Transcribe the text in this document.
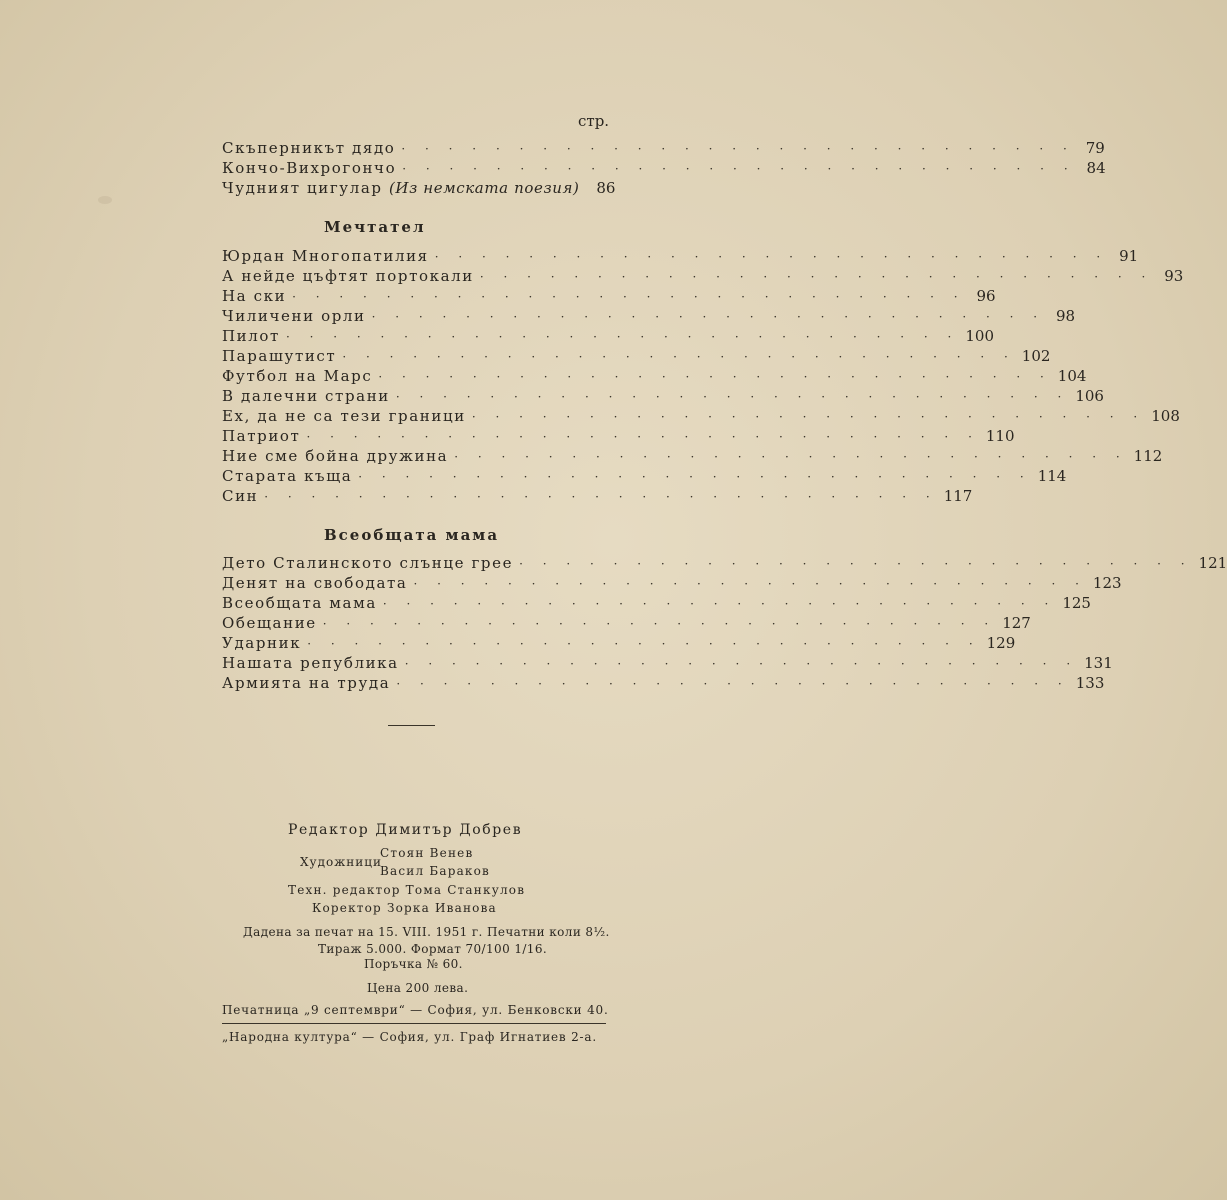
стр.
Скъперникът дядо · · · · · · · · · · · · · · · · · · · · · · · · · · · · · 79
Кончо-Вихрогончо · · · · · · · · · · · · · · · · · · · · · · · · · · · · · 84
Чудният цигулар (Из немската поезия)	86
Мечтател
Юрдан Многопатилия · · · · · · · · · · · · · · · · · · · · · · · · · · · · · 91
А нейде цъфтят портокали · · · · · · · · · · · · · · · · · · · · · · · · · · · · · 93
На ски · · · · · · · · · · · · · · · · · · · · · · · · · · · · · 96
Чиличени орли · · · · · · · · · · · · · · · · · · · · · · · · · · · · · 98
Пилот · · · · · · · · · · · · · · · · · · · · · · · · · · · · · 100
Парашутист · · · · · · · · · · · · · · · · · · · · · · · · · · · · · 102
Футбол на Марс · · · · · · · · · · · · · · · · · · · · · · · · · · · · · 104
В далечни страни · · · · · · · · · · · · · · · · · · · · · · · · · · · · · 106
Ех, да не са тези граници · · · · · · · · · · · · · · · · · · · · · · · · · · · · · 108
Патриот · · · · · · · · · · · · · · · · · · · · · · · · · · · · · 110
Ние сме бойна дружина · · · · · · · · · · · · · · · · · · · · · · · · · · · · · 112
Старата къща · · · · · · · · · · · · · · · · · · · · · · · · · · · · · 114
Син · · · · · · · · · · · · · · · · · · · · · · · · · · · · · 117
Всеобщата мама
Дето Сталинското слънце грее · · · · · · · · · · · · · · · · · · · · · · · · · · · · · 121
Денят на свободата · · · · · · · · · · · · · · · · · · · · · · · · · · · · · 123
Всеобщата мама · · · · · · · · · · · · · · · · · · · · · · · · · · · · · 125
Обещание · · · · · · · · · · · · · · · · · · · · · · · · · · · · · 127
Ударник · · · · · · · · · · · · · · · · · · · · · · · · · · · · · 129
Нашата република · · · · · · · · · · · · · · · · · · · · · · · · · · · · · 131
Армията на труда · · · · · · · · · · · · · · · · · · · · · · · · · · · · · 133
Редактор Димитър Добрев
Художници
Стоян Венев
Васил Бараков
Техн. редактор Тома Станкулов
Коректор Зорка Иванова
Дадена за печат на 15. VIII. 1951 г. Печатни коли 8½.
Тираж 5.000. Формат 70/100 1/16.
Поръчка № 60.
Цена 200 лева.
Печатница „9 септември“ — София, ул. Бенковски 40.
„Народна култура“ — София, ул. Граф Игнатиев 2-а.
